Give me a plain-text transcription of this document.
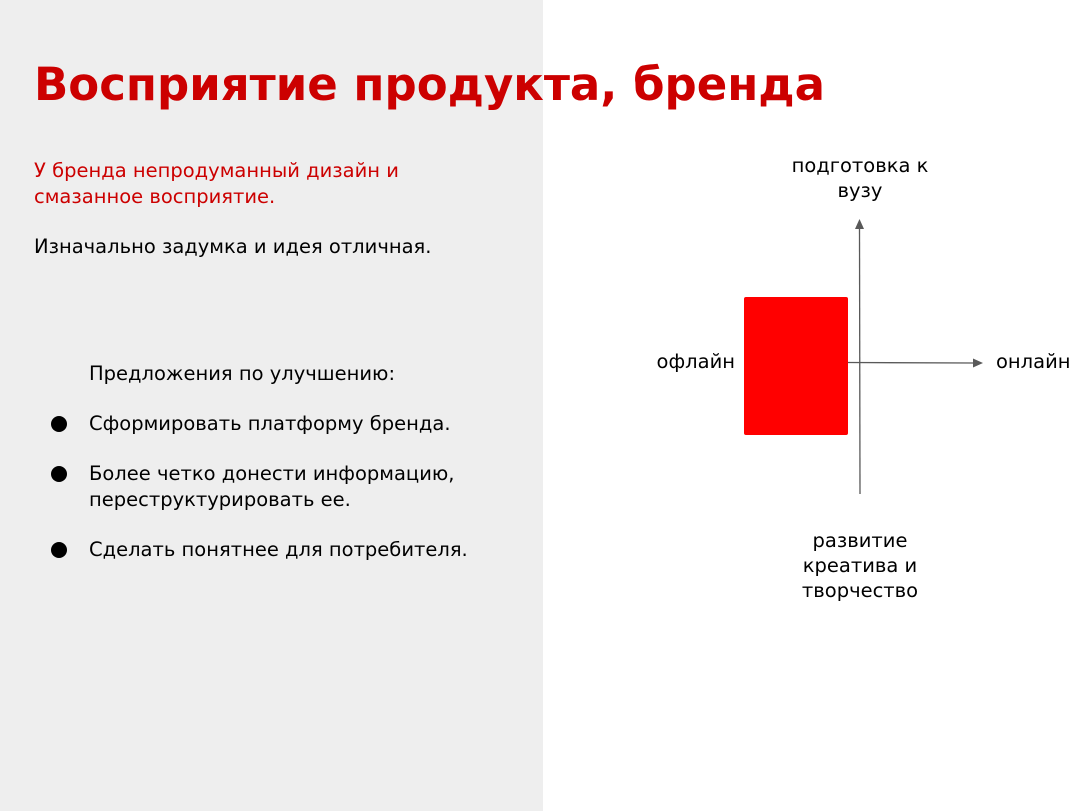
Восприятие продукта, бренда

У бренда непродуманный дизайн и смазанное восприятие.

Изначально задумка и идея отличная.

Предложения по улучшению:

Сформировать платформу бренда.
Более четко донести информацию, переструктурировать ее.
Сделать понятнее для потребителя.
подготовка к вузу
развитие креатива и творчество
офлайн	онлайн
